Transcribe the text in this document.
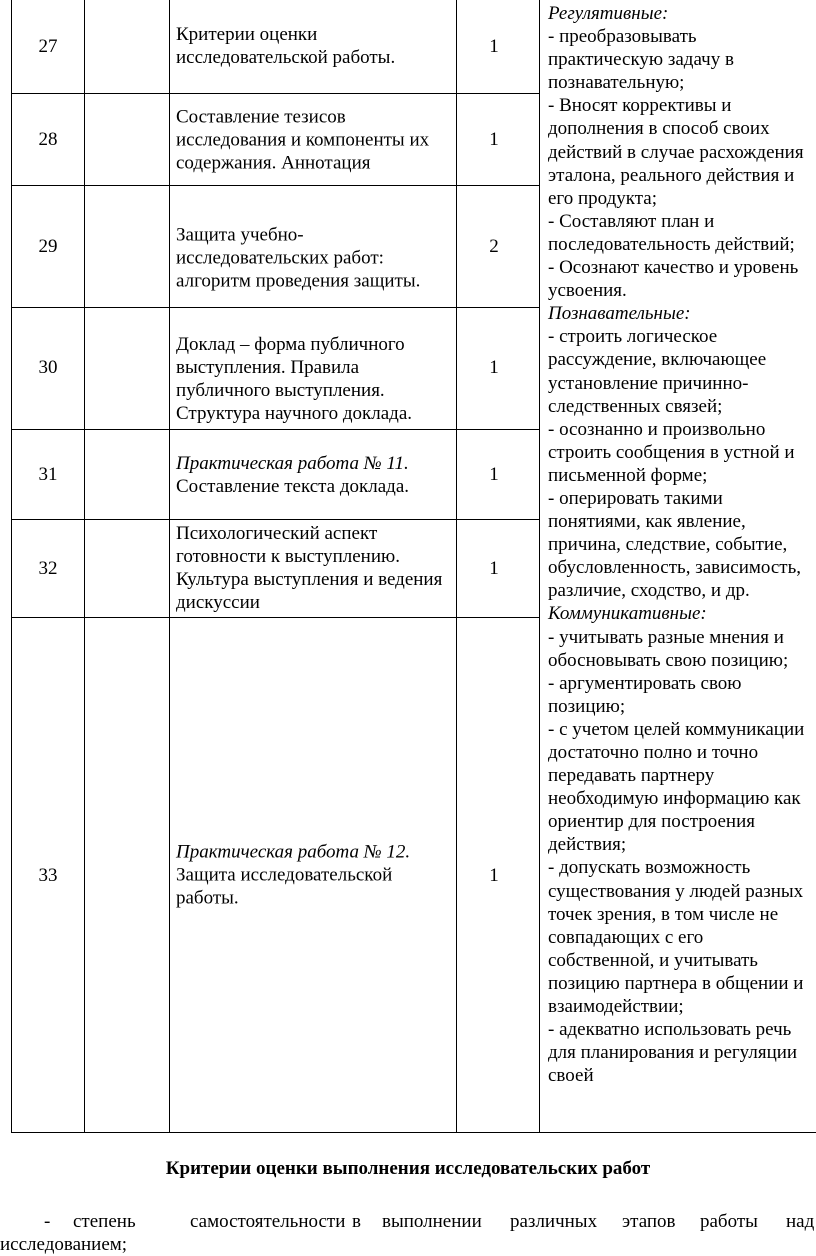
27
Критерии оценки исследовательской работы.
1
28
Составление тезисов исследования и компоненты их содержания. Аннотация
1
29
Защита учебно-исследовательских работ: алгоритм проведения защиты.
2
30
Доклад – форма публичного выступления. Правила публичного выступления. Структура научного доклада.
1
31
Практическая работа № 11.
Составление текста доклада.
1
32
Психологический аспект готовности к выступлению. Культура выступления и ведения дискуссии
1
33
Практическая работа № 12.
Защита исследовательской работы.
1
Регулятивные:
- преобразовывать
практическую задачу в
познавательную;
- Вносят коррективы и
дополнения в способ своих
действий в случае расхождения
эталона, реального действия и
его продукта;
- Составляют план и
последовательность действий;
- Осознают качество и уровень
усвоения.
Познавательные:
- строить логическое
рассуждение, включающее
установление причинно-
следственных связей;
- осознанно и произвольно
строить сообщения в устной и
письменной форме;
- оперировать такими
понятиями, как явление,
причина, следствие, событие,
обусловленность, зависимость,
различие, сходство, и др.
Коммуникативные:
- учитывать разные мнения и
обосновывать свою позицию;
- аргументировать свою
позицию;
- с учетом целей коммуникации
достаточно полно и точно
передавать партнеру
необходимую информацию как
ориентир для построения
действия;
- допускать возможность
существования у людей разных
точек зрения, в том числе не
совпадающих с его
собственной, и учитывать
позицию партнера в общении и
взаимодействии;
- адекватно использовать речь
для планирования и регуляции
своей
Критерии оценки выполнения исследовательских работ
- степень	самостоятельности в выполнении различных этапов работы над
исследованием;
